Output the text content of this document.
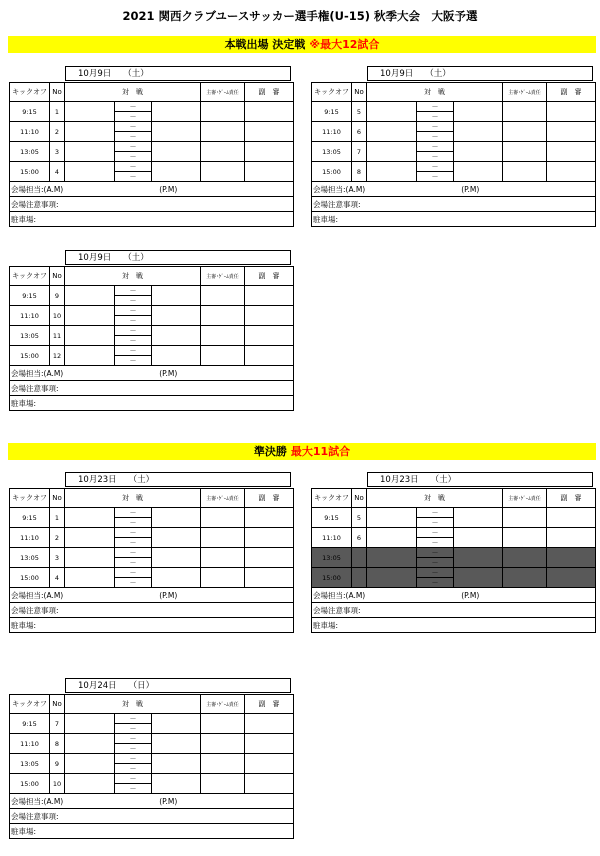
2021 関西クラブユースサッカー選手権(U-15) 秋季大会　大阪予選
本戦出場 決定戦 ※最大12試合
準決勝 最大11試合
10月9日 （土）
キックオフ	No	対　戦			主審･ｹﾞｰﾑ責任	副　審
9:15	1		－			
			－			
11:10	2		－			
			－			
13:05	3		－			
			－			
15:00	4		－			
			－			
会場担当:(A.M) (P.M)						
会場注意事項:						
駐車場:						
10月9日 （土）
キックオフ	No	対　戦			主審･ｹﾞｰﾑ責任	副　審
9:15	5		－			
			－			
11:10	6		－			
			－			
13:05	7		－			
			－			
15:00	8		－			
			－			
会場担当:(A.M) (P.M)						
会場注意事項:						
駐車場:						
10月9日 （土）
キックオフ	No	対　戦			主審･ｹﾞｰﾑ責任	副　審
9:15	9		－			
			－			
11:10	10		－			
			－			
13:05	11		－			
			－			
15:00	12		－			
			－			
会場担当:(A.M) (P.M)						
会場注意事項:						
駐車場:						
10月23日 （土）
キックオフ	No	対　戦			主審･ｹﾞｰﾑ責任	副　審
9:15	1		－			
			－			
11:10	2		－			
			－			
13:05	3		－			
			－			
15:00	4		－			
			－			
会場担当:(A.M) (P.M)						
会場注意事項:						
駐車場:						
10月23日 （土）
キックオフ	No	対　戦			主審･ｹﾞｰﾑ責任	副　審
9:15	5		－			
			－			
11:10	6		－			
			－			
13:05			－			
			－			
15:00			－			
			－			
会場担当:(A.M) (P.M)						
会場注意事項:						
駐車場:						
10月24日 （日）
キックオフ	No	対　戦			主審･ｹﾞｰﾑ責任	副　審
9:15	7		－			
			－			
11:10	8		－			
			－			
13:05	9		－			
			－			
15:00	10		－			
			－			
会場担当:(A.M) (P.M)						
会場注意事項:						
駐車場:						
